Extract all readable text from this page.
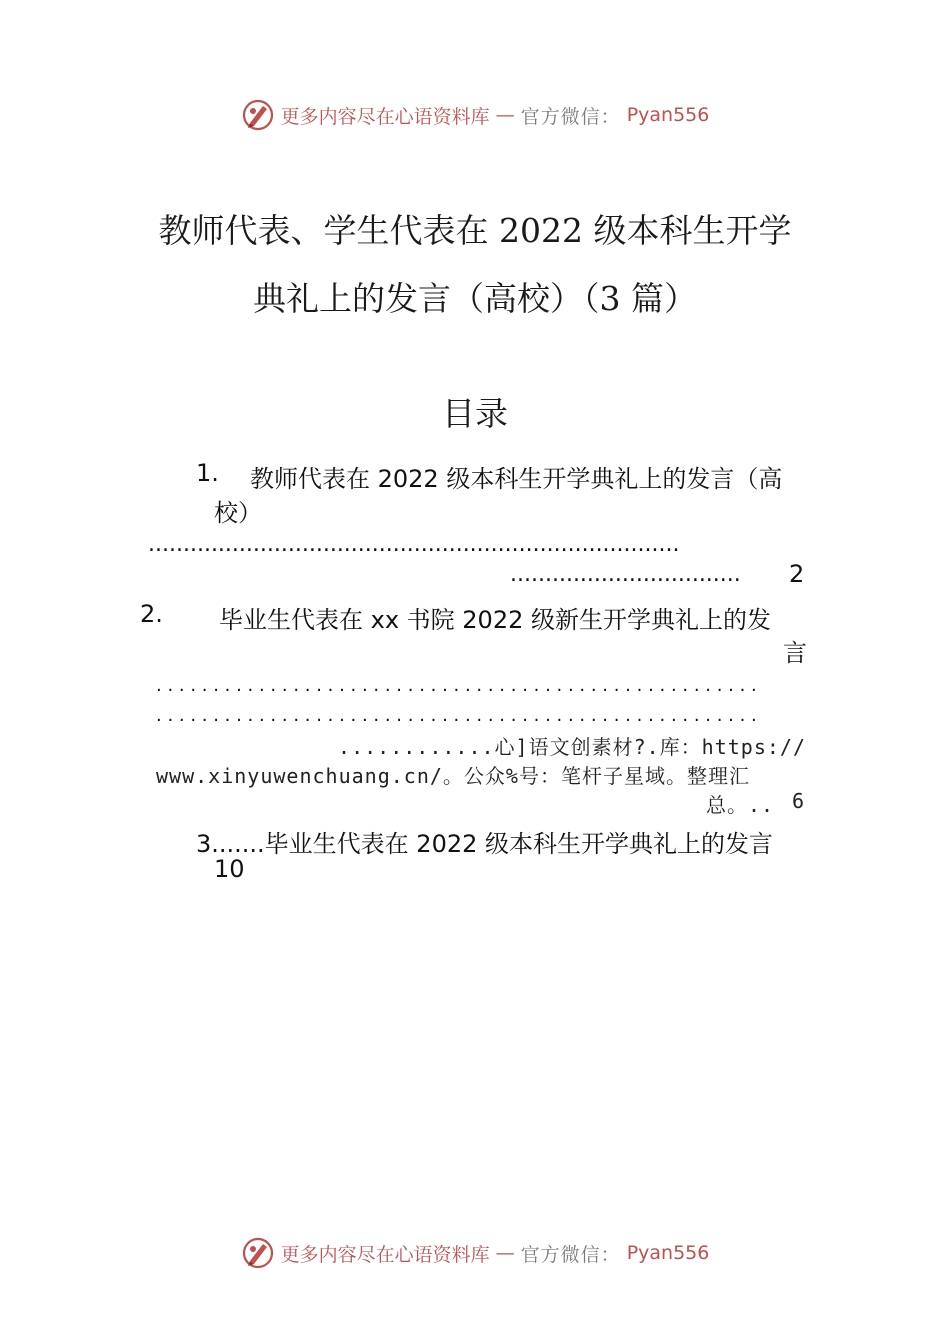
更多内容尽在心语资料库 — 官方微信： Pyan556
教师代表、学生代表在 2022 级本科生开学
典礼上的发言（高校）（3 篇）
目录
1. 教师代表在 2022 级本科生开学典礼上的发言（高
校）
............................................................................
.................................	2
2. 毕业生代表在 xx 书院 2022 级新生开学典礼上的发
言
. . . . . . . . . . . . . . . . . . . . . . . . . . . . . . . . . . . . . . . . . . . . . . . . . . . . .
. . . . . . . . . . . . . . . . . . . . . . . . . . . . . . . . . . . . . . . . . . . . . . . . . . . . .
............心]语文创素材?.库：https://
www.xinyuwenchuang.cn/。公众%号：笔杆子星域。整理汇
总。.. 6
3.......毕业生代表在 2022 级本科生开学典礼上的发言
10
更多内容尽在心语资料库 — 官方微信： Pyan556
